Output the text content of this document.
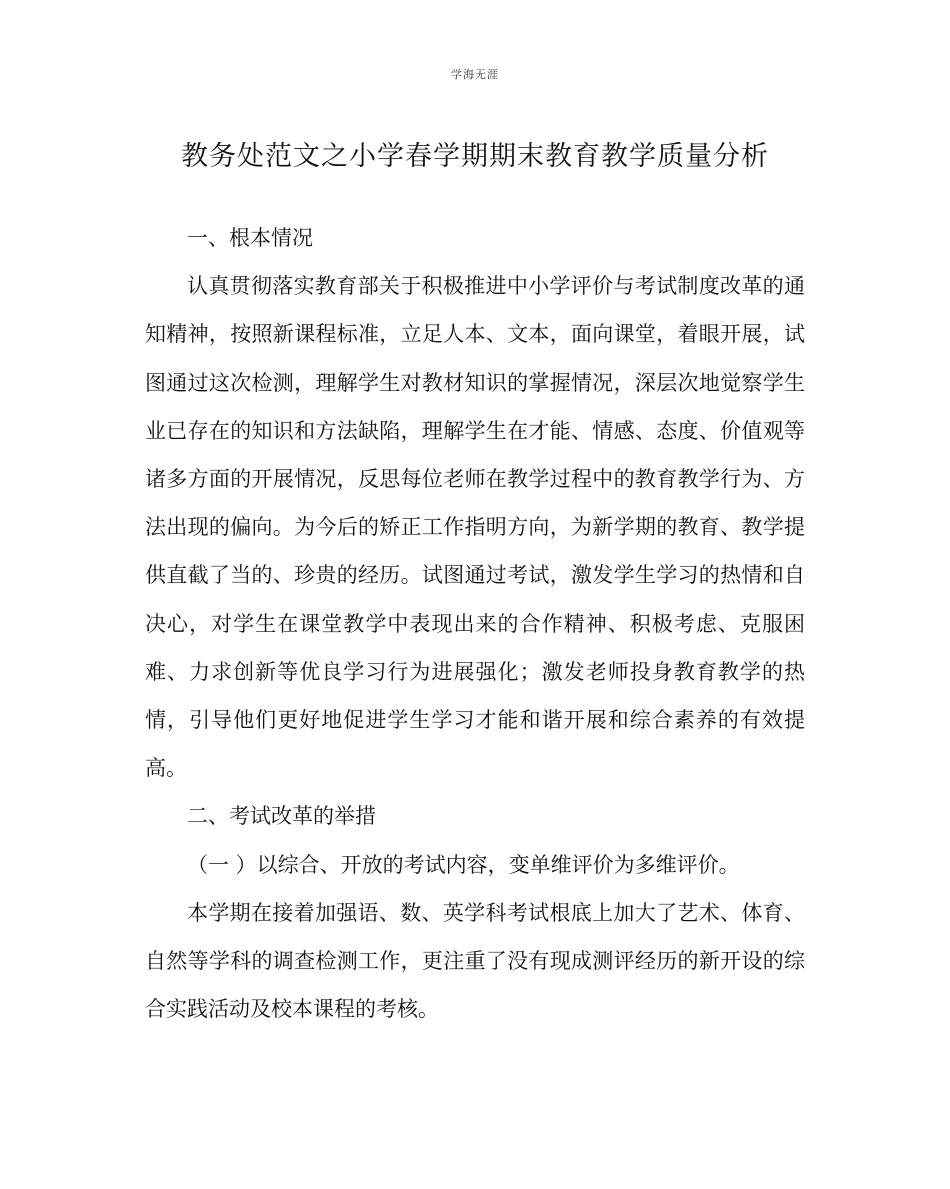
学海无涯
教务处范文之小学春学期期末教育教学质量分析

一、根本情况

认真贯彻落实教育部关于积极推进中小学评价与考试制度改革的通知精神，按照新课程标准，立足人本、文本，面向课堂，着眼开展，试图通过这次检测，理解学生对教材知识的掌握情况，深层次地觉察学生业已存在的知识和方法缺陷，理解学生在才能、情感、态度、价值观等诸多方面的开展情况，反思每位老师在教学过程中的教育教学行为、方法出现的偏向。为今后的矫正工作指明方向，为新学期的教育、教学提供直截了当的、珍贵的经历。试图通过考试，激发学生学习的热情和自决心，对学生在课堂教学中表现出来的合作精神、积极考虑、克服困难、力求创新等优良学习行为进展强化；激发老师投身教育教学的热情，引导他们更好地促进学生学习才能和谐开展和综合素养的有效提高。

二、考试改革的举措

（一 ）以综合、开放的考试内容，变单维评价为多维评价。

本学期在接着加强语、数、英学科考试根底上加大了艺术、体育、自然等学科的调查检测工作，更注重了没有现成测评经历的新开设的综合实践活动及校本课程的考核。
